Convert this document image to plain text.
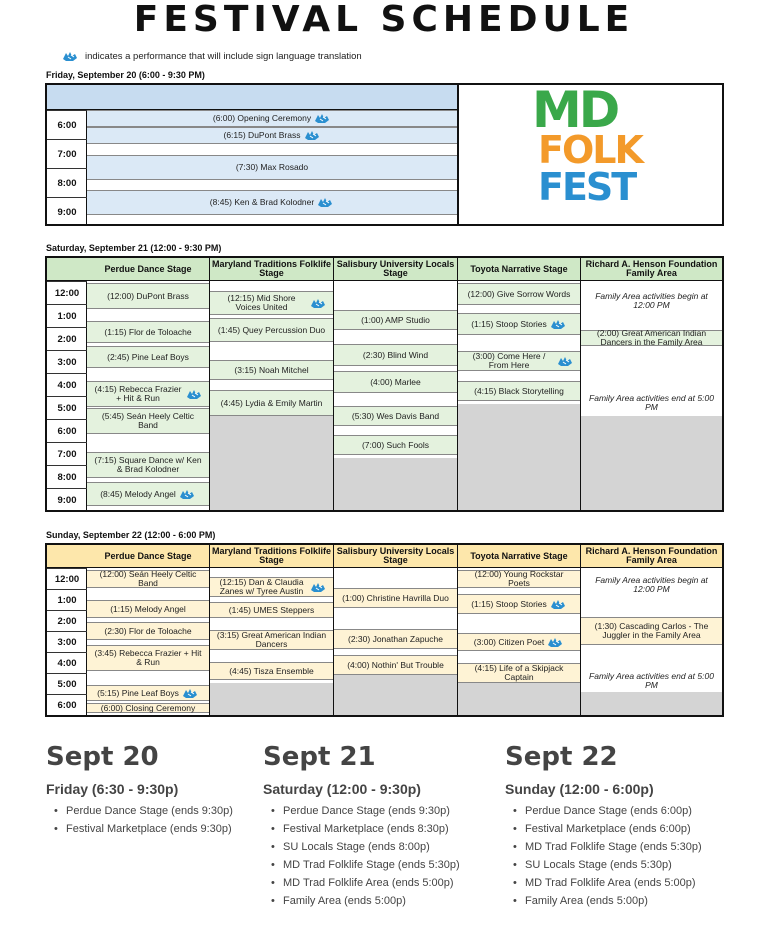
FESTIVAL SCHEDULE
indicates a performance that will include sign language translation
Friday, September 20 (6:00 - 9:30 PM)
6:00
7:00
8:00
9:00
(6:00) Opening Ceremony
(6:15) DuPont Brass
(7:30) Max Rosado
(8:45) Ken & Brad Kolodner
MD
FOLK
FEST
Saturday, September 21 (12:00 - 9:30 PM)
12:00
1:00
2:00
3:00
4:00
5:00
6:00
7:00
8:00
9:00
Perdue Dance Stage
(12:00) DuPont Brass
(1:15) Flor de Toloache
(2:45) Pine Leaf Boys
(4:15) Rebecca Frazier + Hit & Run
(5:45) Seán Heely Celtic Band
(7:15) Square Dance w/ Ken & Brad Kolodner
(8:45) Melody Angel
Maryland Traditions Folklife Stage
(12:15) Mid Shore Voices United
(1:45) Quey Percussion Duo
(3:15) Noah Mitchel
(4:45) Lydia & Emily Martin
Salisbury University Locals Stage
(1:00) AMP Studio
(2:30) Blind Wind
(4:00) Marlee
(5:30) Wes Davis Band
(7:00) Such Fools
Toyota Narrative Stage
(12:00) Give Sorrow Words
(1:15) Stoop Stories
(3:00) Come Here / From Here
(4:15) Black Storytelling
Richard A. Henson Foundation Family Area
Family Area activities begin at 12:00 PM
(2:00) Great American Indian Dancers in the Family Area
Family Area activities end at 5:00 PM
Sunday, September 22 (12:00 - 6:00 PM)
12:00
1:00
2:00
3:00
4:00
5:00
6:00
Perdue Dance Stage
(12:00) Seán Heely Celtic Band
(1:15) Melody Angel
(2:30) Flor de Toloache
(3:45) Rebecca Frazier + Hit & Run
(5:15) Pine Leaf Boys
(6:00) Closing Ceremony
Maryland Traditions Folklife Stage
(12:15) Dan & Claudia Zanes w/ Tyree Austin
(1:45) UMES Steppers
(3:15) Great American Indian Dancers
(4:45) Tisza Ensemble
Salisbury University Locals Stage
(1:00) Christine Havrilla Duo
(2:30) Jonathan Zapuche
(4:00) Nothin' But Trouble
Toyota Narrative Stage
(12:00) Young Rockstar Poets
(1:15) Stoop Stories
(3:00) Citizen Poet
(4:15) Life of a Skipjack Captain
Richard A. Henson Foundation Family Area
Family Area activities begin at 12:00 PM
(1:30) Cascading Carlos - The Juggler in the Family Area
Family Area activities end at 5:00 PM
Sept 20
Friday (6:30 - 9:30p)
• Perdue Dance Stage (ends 9:30p)
• Festival Marketplace (ends 9:30p)
Sept 21
Saturday (12:00 - 9:30p)
• Perdue Dance Stage (ends 9:30p)
• Festival Marketplace (ends 8:30p)
• SU Locals Stage (ends 8:00p)
• MD Trad Folklife Stage (ends 5:30p)
• MD Trad Folklife Area (ends 5:00p)
• Family Area (ends 5:00p)
Sept 22
Sunday (12:00 - 6:00p)
• Perdue Dance Stage (ends 6:00p)
• Festival Marketplace (ends 6:00p)
• MD Trad Folklife Stage (ends 5:30p)
• SU Locals Stage (ends 5:30p)
• MD Trad Folklife Area (ends 5:00p)
• Family Area (ends 5:00p)
